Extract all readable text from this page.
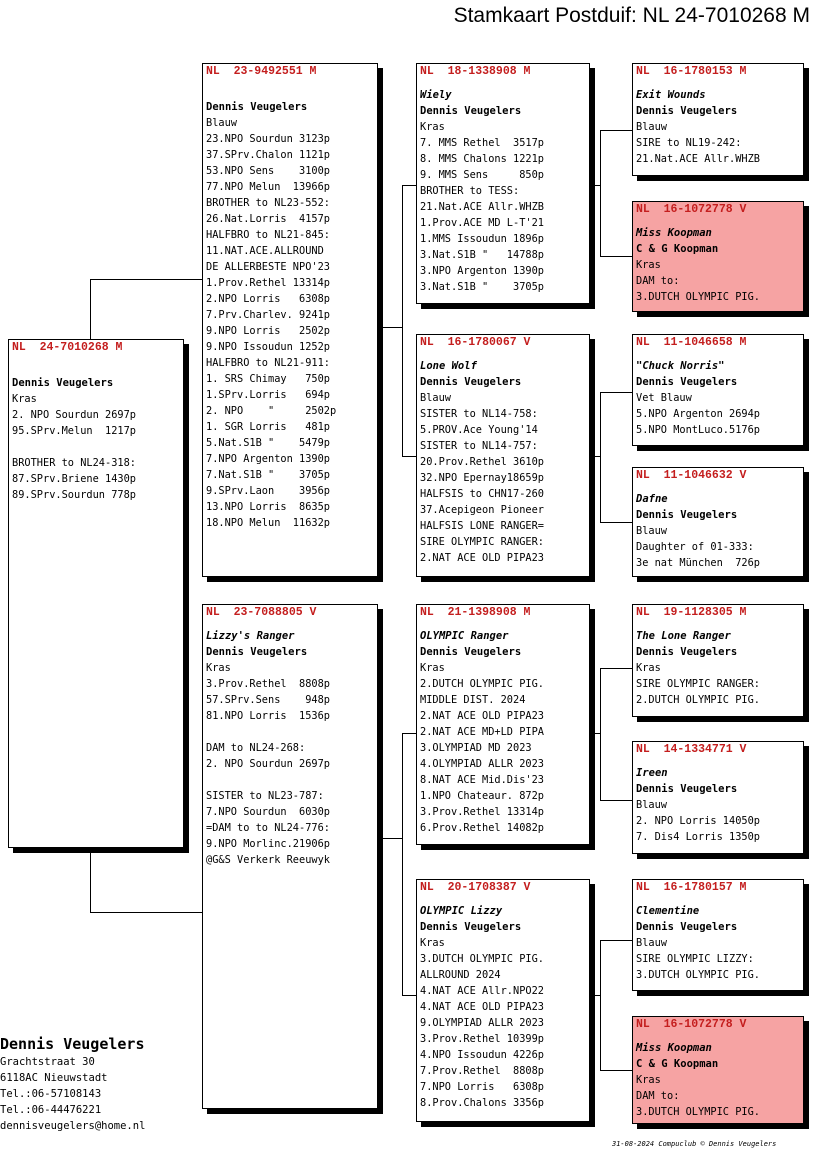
Stamkaart Postduif: NL 24-7010268 M
NL  24-7010268 M
Dennis Veugelers
Kras
2. NPO Sourdun 2697p
95.SPrv.Melun  1217p
BROTHER to NL24-318:
87.SPrv.Briene 1430p
89.SPrv.Sourdun 778p
NL  23-9492551 M
Dennis Veugelers
Blauw
23.NPO Sourdun 3123p
37.SPrv.Chalon 1121p
53.NPO Sens    3100p
77.NPO Melun  13966p
BROTHER to NL23-552:
26.Nat.Lorris  4157p
HALFBRO to NL21-845:
11.NAT.ACE.ALLROUND
DE ALLERBESTE NPO'23
1.Prov.Rethel 13314p
2.NPO Lorris   6308p
7.Prv.Charlev. 9241p
9.NPO Lorris   2502p
9.NPO Issoudun 1252p
HALFBRO to NL21-911:
1. SRS Chimay   750p
1.SPrv.Lorris   694p
2. NPO    "     2502p
1. SGR Lorris   481p
5.Nat.S1B "    5479p
7.NPO Argenton 1390p
7.Nat.S1B "    3705p
9.SPrv.Laon    3956p
13.NPO Lorris  8635p
18.NPO Melun  11632p
NL  23-7088805 V
Lizzy's Ranger
Dennis Veugelers
Kras
3.Prov.Rethel  8808p
57.SPrv.Sens    948p
81.NPO Lorris  1536p
DAM to NL24-268:
2. NPO Sourdun 2697p
SISTER to NL23-787:
7.NPO Sourdun  6030p
=DAM to to NL24-776:
9.NPO Morlinc.21906p
@G&S Verkerk Reeuwyk
NL  18-1338908 M
Wiely
Dennis Veugelers
Kras
7. MMS Rethel  3517p
8. MMS Chalons 1221p
9. MMS Sens     850p
BROTHER to TESS:
21.Nat.ACE Allr.WHZB
1.Prov.ACE MD L-T'21
1.MMS Issoudun 1896p
3.Nat.S1B "   14788p
3.NPO Argenton 1390p
3.Nat.S1B "    3705p
NL  16-1780067 V
Lone Wolf
Dennis Veugelers
Blauw
SISTER to NL14-758:
5.PROV.Ace Young'14
SISTER to NL14-757:
20.Prov.Rethel 3610p
32.NPO Epernay18659p
HALFSIS to CHN17-260
37.Acepigeon Pioneer
HALFSIS LONE RANGER=
SIRE OLYMPIC RANGER:
2.NAT ACE OLD PIPA23
NL  21-1398908 M
OLYMPIC Ranger
Dennis Veugelers
Kras
2.DUTCH OLYMPIC PIG.
MIDDLE DIST. 2024
2.NAT ACE OLD PIPA23
2.NAT ACE MD+LD PIPA
3.OLYMPIAD MD 2023
4.OLYMPIAD ALLR 2023
8.NAT ACE Mid.Dis'23
1.NPO Chateaur. 872p
3.Prov.Rethel 13314p
6.Prov.Rethel 14082p
NL  20-1708387 V
OLYMPIC Lizzy
Dennis Veugelers
Kras
3.DUTCH OLYMPIC PIG.
ALLROUND 2024
4.NAT ACE Allr.NPO22
4.NAT ACE OLD PIPA23
9.OLYMPIAD ALLR 2023
3.Prov.Rethel 10399p
4.NPO Issoudun 4226p
7.Prov.Rethel  8808p
7.NPO Lorris   6308p
8.Prov.Chalons 3356p
NL  16-1780153 M
Exit Wounds
Dennis Veugelers
Blauw
SIRE to NL19-242:
21.Nat.ACE Allr.WHZB
NL  16-1072778 V
Miss Koopman
C & G Koopman
Kras
DAM to:
3.DUTCH OLYMPIC PIG.
NL  11-1046658 M
"Chuck Norris"
Dennis Veugelers
Vet Blauw
5.NPO Argenton 2694p
5.NPO MontLuco.5176p
NL  11-1046632 V
Dafne
Dennis Veugelers
Blauw
Daughter of 01-333:
3e nat München  726p
NL  19-1128305 M
The Lone Ranger
Dennis Veugelers
Kras
SIRE OLYMPIC RANGER:
2.DUTCH OLYMPIC PIG.
NL  14-1334771 V
Ireen
Dennis Veugelers
Blauw
2. NPO Lorris 14050p
7. Dis4 Lorris 1350p
NL  16-1780157 M
Clementine
Dennis Veugelers
Blauw
SIRE OLYMPIC LIZZY:
3.DUTCH OLYMPIC PIG.
NL  16-1072778 V
Miss Koopman
C & G Koopman
Kras
DAM to:
3.DUTCH OLYMPIC PIG.
Dennis Veugelers
Grachtstraat 30
6118AC Nieuwstadt
Tel.:06-57108143
Tel.:06-44476221
dennisveugelers@home.nl
31-08-2024 Compuclub © Dennis Veugelers
